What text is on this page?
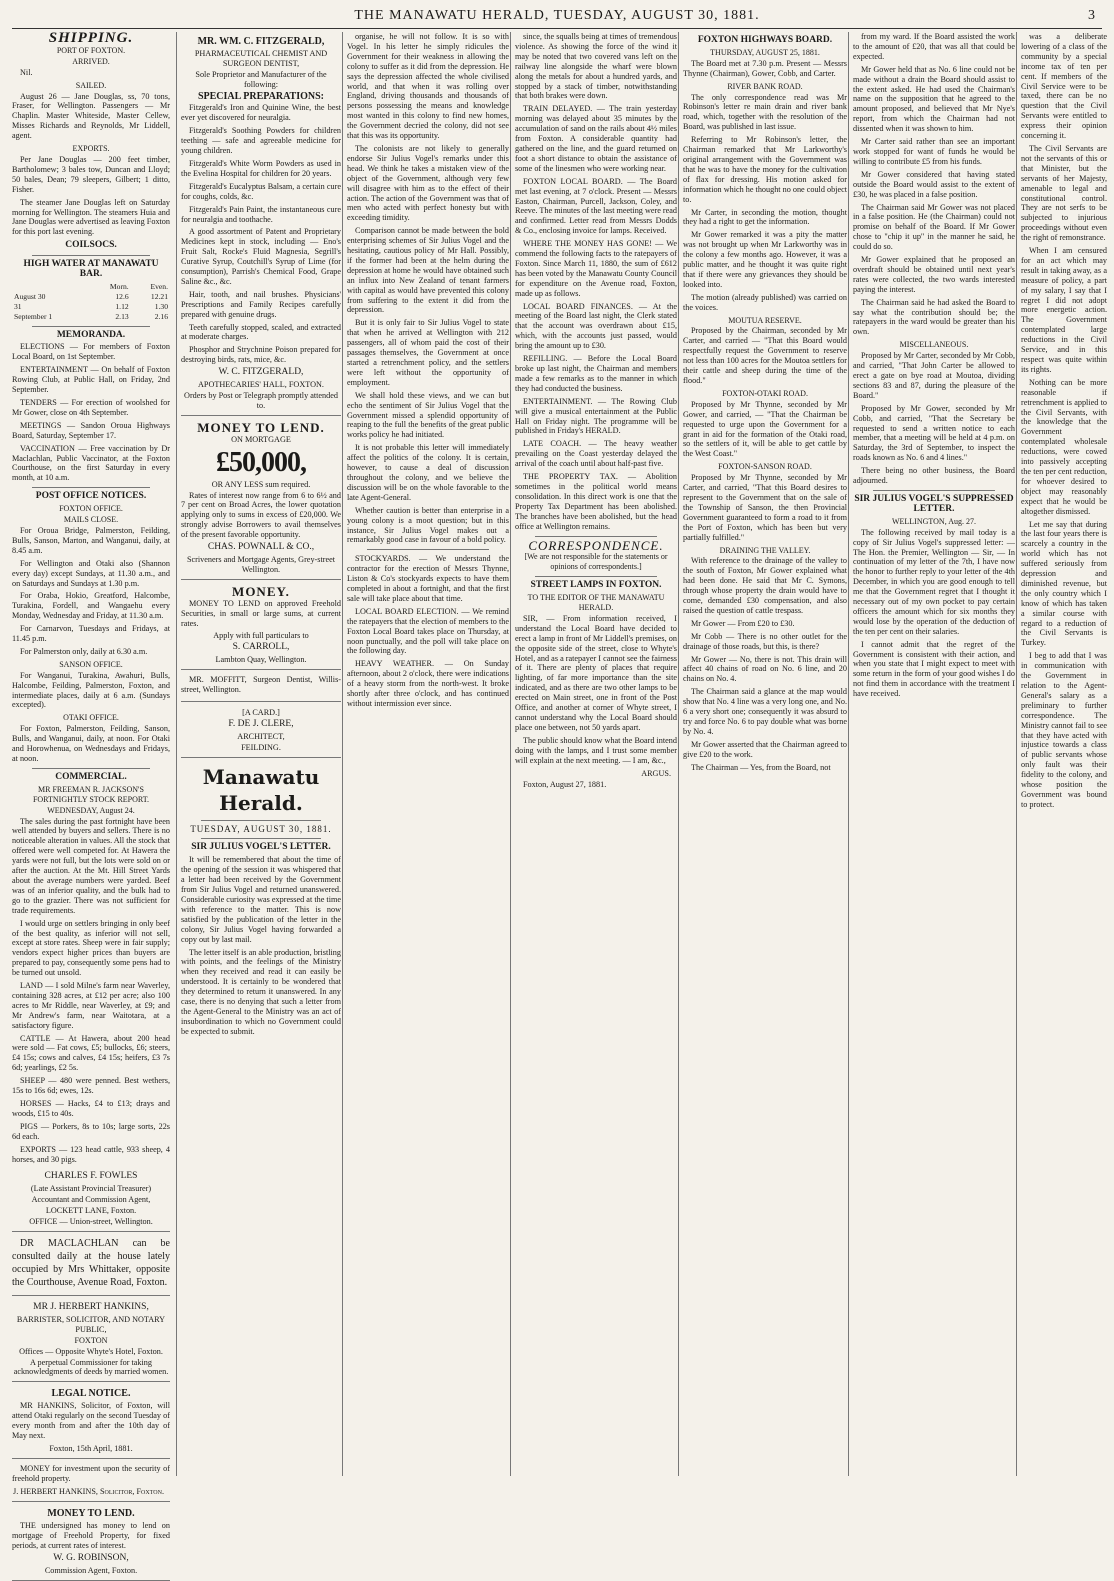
THE MANAWATU HERALD, TUESDAY, AUGUST 30, 1881.	3
SHIPPING.
PORT OF FOXTON.
ARRIVED.

Nil.

SAILED.

August 26 — Jane Douglas, ss, 70 tons, Fraser, for Wellington. Passengers — Mr Chaplin. Master Whiteside, Master Cellew, Misses Richards and Reynolds, Mr Liddell, agent.

EXPORTS.

Per Jane Douglas — 200 feet timber, Bartholomew; 3 bales tow, Duncan and Lloyd; 50 bales, Dean; 79 sleepers, Gilbert; 1 ditto, Fisher.

The steamer Jane Douglas left on Saturday morning for Wellington. The steamers Huia and Jane Douglas were advertised as leaving Foxton for this port last evening.

COILSOCS.
HIGH WATER AT MANAWATU BAR.
	Morn.	Even.
August 30	12.6	12.21
31	1.12	1.30
September 1	2.13	2.16
MEMORANDA.

ELECTIONS — For members of Foxton Local Board, on 1st September.

ENTERTAINMENT — On behalf of Foxton Rowing Club, at Public Hall, on Friday, 2nd September.

TENDERS — For erection of woolshed for Mr Gower, close on 4th September.

MEETINGS — Sandon Oroua Highways Board, Saturday, September 17.

VACCINATION — Free vaccination by Dr Maclachlan, Public Vaccinator, at the Foxton Courthouse, on the first Saturday in every month, at 10 a.m.

POST OFFICE NOTICES.
FOXTON OFFICE.
MAILS CLOSE.

For Oroua Bridge, Palmerston, Feilding, Bulls, Sanson, Marton, and Wanganui, daily, at 8.45 a.m.

For Wellington and Otaki also (Shannon every day) except Sundays, at 11.30 a.m., and on Saturdays and Sundays at 1.30 p.m.

For Oraba, Hokio, Greatford, Halcombe, Turakina, Fordell, and Wangaehu every Monday, Wednesday and Friday, at 11.30 a.m.

For Carnarvon, Tuesdays and Fridays, at 11.45 p.m.

For Palmerston only, daily at 6.30 a.m.

SANSON OFFICE.

For Wanganui, Turakina, Awahuri, Bulls, Halcombe, Feilding, Palmerston, Foxton, and intermediate places, daily at 6 a.m. (Sundays excepted).

OTAKI OFFICE.

For Foxton, Palmerston, Feilding, Sanson, Bulls, and Wanganui, daily, at noon. For Otaki and Horowhenua, on Wednesdays and Fridays, at noon.

COMMERCIAL.
MR FREEMAN R. JACKSON'S FORTNIGHTLY STOCK REPORT.
WEDNESDAY, August 24.

The sales during the past fortnight have been well attended by buyers and sellers. There is no noticeable alteration in values. All the stock that offered were well competed for. At Hawera the yards were not full, but the lots were sold on or after the auction. At the Mt. Hill Street Yards about the average numbers were yarded. Beef was of an inferior quality, and the bulk had to go to the grazier. There was not sufficient for trade requirements.

I would urge on settlers bringing in only beef of the best quality, as inferior will not sell, except at store rates. Sheep were in fair supply; vendors expect higher prices than buyers are prepared to pay, consequently some pens had to be turned out unsold.

LAND — I sold Milne's farm near Waverley, containing 328 acres, at £12 per acre; also 100 acres to Mr Riddle, near Waverley, at £9; and Mr Andrew's farm, near Waitotara, at a satisfactory figure.

CATTLE — At Hawera, about 200 head were sold — Fat cows, £5; bullocks, £6; steers, £4 15s; cows and calves, £4 15s; heifers, £3 7s 6d; yearlings, £2 5s.

SHEEP — 480 were penned. Best wethers, 15s to 16s 6d; ewes, 12s.

HORSES — Hacks, £4 to £13; drays and woods, £15 to 40s.

PIGS — Porkers, 8s to 10s; large sorts, 22s 6d each.

EXPORTS — 123 head cattle, 933 sheep, 4 horses, and 30 pigs.

CHARLES F. FOWLES
(Late Assistant Provincial Treasurer)
Accountant and Commission Agent,
LOCKETT LANE, Foxton.
OFFICE — Union-street, Wellington.

DR MACLACHLAN can be consulted daily at the house lately occupied by Mrs Whittaker, opposite the Courthouse, Avenue Road, Foxton.

MR J. HERBERT HANKINS,
BARRISTER, SOLICITOR, AND NOTARY PUBLIC,
FOXTON
Offices — Opposite Whyte's Hotel, Foxton.
A perpetual Commissioner for taking acknowledgments of deeds by married women.
LEGAL NOTICE.

MR HANKINS, Solicitor, of Foxton, will attend Otaki regularly on the second Tuesday of every month from and after the 10th day of May next.

Foxton, 15th April, 1881.

MONEY for investment upon the security of freehold property.

J. HERBERT HANKINS, Solicitor, Foxton.
MONEY TO LEND.

THE undersigned has money to lend on mortgage of Freehold Property, for fixed periods, at current rates of interest.

W. G. ROBINSON,
Commission Agent, Foxton.
MR. WM. C. FITZGERALD,
PHARMACEUTICAL CHEMIST AND SURGEON DENTIST,
Sole Proprietor and Manufacturer of the following:
SPECIAL PREPARATIONS:

Fitzgerald's Iron and Quinine Wine, the best ever yet discovered for neuralgia.

Fitzgerald's Soothing Powders for children teething — safe and agreeable medicine for young children.

Fitzgerald's White Worm Powders as used in the Evelina Hospital for children for 20 years.

Fitzgerald's Eucalyptus Balsam, a certain cure for coughs, colds, &c.

Fitzgerald's Pain Paint, the instantaneous cure for neuralgia and toothache.

A good assortment of Patent and Proprietary Medicines kept in stock, including — Eno's Fruit Salt, Rocke's Fluid Magnesia, Segrill's Curative Syrup, Coutchill's Syrup of Lime (for consumption), Parrish's Chemical Food, Grape Saline &c., &c.

Hair, tooth, and nail brushes. Physicians' Prescriptions and Family Recipes carefully prepared with genuine drugs.

Teeth carefully stopped, scaled, and extracted at moderate charges.

Phosphor and Strychnine Poison prepared for destroying birds, rats, mice, &c.

W. C. FITZGERALD,
APOTHECARIES' HALL, FOXTON.
Orders by Post or Telegraph promptly attended to.
MONEY TO LEND.
ON MORTGAGE
£50,000,
OR ANY LESS sum required.

Rates of interest now range from 6 to 6½ and 7 per cent on Broad Acres, the lower quotation applying only to sums in excess of £20,000. We strongly advise Borrowers to avail themselves of the present favorable opportunity.

CHAS. POWNALL & CO.,
Scriveners and Mortgage Agents, Grey-street Wellington.
MONEY.

MONEY TO LEND on approved Freehold Securities, in small or large sums, at current rates.

Apply with full particulars to
S. CARROLL,
Lambton Quay, Wellington.

MR. MOFFITT, Surgeon Dentist, Willis-street, Wellington.

[A CARD.]
F. DE J. CLERE,
ARCHITECT,
FEILDING.
Manawatu Herald.
TUESDAY, AUGUST 30, 1881.
SIR JULIUS VOGEL'S LETTER.

It will be remembered that about the time of the opening of the session it was whispered that a letter had been received by the Government from Sir Julius Vogel and returned unanswered. Considerable curiosity was expressed at the time with reference to the matter. This is now satisfied by the publication of the letter in the colony, Sir Julius Vogel having forwarded a copy out by last mail.

The letter itself is an able production, bristling with points, and the feelings of the Ministry when they received and read it can easily be understood. It is certainly to be wondered that they determined to return it unanswered. In any case, there is no denying that such a letter from the Agent-General to the Ministry was an act of insubordination to which no Government could be expected to submit.

organise, he will not follow. It is so with Vogel. In his letter he simply ridicules the Government for their weakness in allowing the colony to suffer as it did from the depression. He says the depression affected the whole civilised world, and that when it was rolling over England, driving thousands and thousands of persons possessing the means and knowledge most wanted in this colony to find new homes, the Government decried the colony, did not see that this was its opportunity.

The colonists are not likely to generally endorse Sir Julius Vogel's remarks under this head. We think he takes a mistaken view of the object of the Government, although very few will disagree with him as to the effect of their action. The action of the Government was that of men who acted with perfect honesty but with exceeding timidity.

Comparison cannot be made between the bold enterprising schemes of Sir Julius Vogel and the hesitating, cautious policy of Mr Hall. Possibly, if the former had been at the helm during the depression at home he would have obtained such an influx into New Zealand of tenant farmers with capital as would have prevented this colony from suffering to the extent it did from the depression.

But it is only fair to Sir Julius Vogel to state that when he arrived at Wellington with 212 passengers, all of whom paid the cost of their passages themselves, the Government at once started a retrenchment policy, and the settlers were left without the opportunity of employment.

We shall hold these views, and we can but echo the sentiment of Sir Julius Vogel that the Government missed a splendid opportunity of reaping to the full the benefits of the great public works policy he had initiated.

It is not probable this letter will immediately affect the politics of the colony. It is certain, however, to cause a deal of discussion throughout the colony, and we believe the discussion will be on the whole favorable to the late Agent-General.

Whether caution is better than enterprise in a young colony is a moot question; but in this instance, Sir Julius Vogel makes out a remarkably good case in favour of a bold policy.

STOCKYARDS. — We understand the contractor for the erection of Messrs Thynne, Liston & Co's stockyards expects to have them completed in about a fortnight, and that the first sale will take place about that time.

LOCAL BOARD ELECTION. — We remind the ratepayers that the election of members to the Foxton Local Board takes place on Thursday, at noon punctually, and the poll will take place on the following day.

HEAVY WEATHER. — On Sunday afternoon, about 2 o'clock, there were indications of a heavy storm from the north-west. It broke shortly after three o'clock, and has continued without intermission ever since.

since, the squalls being at times of tremendous violence. As showing the force of the wind it may be noted that two covered vans left on the railway line alongside the wharf were blown along the metals for about a hundred yards, and stopped by a stack of timber, notwithstanding that both brakes were down.

TRAIN DELAYED. — The train yesterday morning was delayed about 35 minutes by the accumulation of sand on the rails about 4½ miles from Foxton. A considerable quantity had gathered on the line, and the guard returned on foot a short distance to obtain the assistance of some of the linesmen who were working near.

FOXTON LOCAL BOARD. — The Board met last evening, at 7 o'clock. Present — Messrs Easton, Chairman, Purcell, Jackson, Coley, and Reeve. The minutes of the last meeting were read and confirmed. Letter read from Messrs Dodds & Co., enclosing invoice for lamps. Received.

WHERE THE MONEY HAS GONE! — We commend the following facts to the ratepayers of Foxton. Since March 11, 1880, the sum of £612 has been voted by the Manawatu County Council for expenditure on the Avenue road, Foxton, made up as follows.

LOCAL BOARD FINANCES. — At the meeting of the Board last night, the Clerk stated that the account was overdrawn about £15, which, with the accounts just passed, would bring the amount up to £30.

REFILLING. — Before the Local Board broke up last night, the Chairman and members made a few remarks as to the manner in which they had conducted the business.

ENTERTAINMENT. — The Rowing Club will give a musical entertainment at the Public Hall on Friday night. The programme will be published in Friday's HERALD.

LATE COACH. — The heavy weather prevailing on the Coast yesterday delayed the arrival of the coach until about half-past five.

THE PROPERTY TAX. — Abolition sometimes in the political world means consolidation. In this direct work is one that the Property Tax Department has been abolished. The branches have been abolished, but the head office at Wellington remains.

CORRESPONDENCE.
[We are not responsible for the statements or opinions of correspondents.]
STREET LAMPS IN FOXTON.
TO THE EDITOR OF THE MANAWATU HERALD.

SIR, — From information received, I understand the Local Board have decided to erect a lamp in front of Mr Liddell's premises, on the opposite side of the street, close to Whyte's Hotel, and as a ratepayer I cannot see the fairness of it. There are plenty of places that require lighting, of far more importance than the site indicated, and as there are two other lamps to be erected on Main street, one in front of the Post Office, and another at corner of Whyte street, I cannot understand why the Local Board should place one between, not 50 yards apart.

The public should know what the Board intend doing with the lamps, and I trust some member will explain at the next meeting. — I am, &c.,

ARGUS.

Foxton, August 27, 1881.

FOXTON HIGHWAYS BOARD.
THURSDAY, AUGUST 25, 1881.

The Board met at 7.30 p.m. Present — Messrs Thynne (Chairman), Gower, Cobb, and Carter.

RIVER BANK ROAD.

The only correspondence read was Mr Robinson's letter re main drain and river bank road, which, together with the resolution of the Board, was published in last issue.

Referring to Mr Robinson's letter, the Chairman remarked that Mr Larkworthy's original arrangement with the Government was that he was to have the money for the cultivation of flax for dressing. His motion asked for information which he thought no one could object to.

Mr Carter, in seconding the motion, thought they had a right to get the information.

Mr Gower remarked it was a pity the matter was not brought up when Mr Larkworthy was in the colony a few months ago. However, it was a public matter, and he thought it was quite right that if there were any grievances they should be looked into.

The motion (already published) was carried on the voices.

MOUTUA RESERVE.

Proposed by the Chairman, seconded by Mr Carter, and carried — "That this Board would respectfully request the Government to reserve not less than 100 acres for the Moutoa settlers for their cattle and sheep during the time of the flood."

FOXTON-OTAKI ROAD.

Proposed by Mr Thynne, seconded by Mr Gower, and carried, — "That the Chairman be requested to urge upon the Government for a grant in aid for the formation of the Otaki road, so the settlers of it, will be able to get cattle by the West Coast."

FOXTON-SANSON ROAD.

Proposed by Mr Thynne, seconded by Mr Carter, and carried, "That this Board desires to represent to the Government that on the sale of the Township of Sanson, the then Provincial Government guaranteed to form a road to it from the Port of Foxton, which has been but very partially fulfilled."

DRAINING THE VALLEY.

With reference to the drainage of the valley to the south of Foxton, Mr Gower explained what had been done. He said that Mr C. Symons, through whose property the drain would have to come, demanded £30 compensation, and also raised the question of cattle trespass.

Mr Gower — From £20 to £30.

Mr Cobb — There is no other outlet for the drainage of those roads, but this, is there?

Mr Gower — No, there is not. This drain will affect 40 chains of road on No. 6 line, and 20 chains on No. 4.

The Chairman said a glance at the map would show that No. 4 line was a very long one, and No. 6 a very short one; consequently it was absurd to try and force No. 6 to pay double what was borne by No. 4.

Mr Gower asserted that the Chairman agreed to give £20 to the work.

The Chairman — Yes, from the Board, not

from my ward. If the Board assisted the work to the amount of £20, that was all that could be expected.

Mr Gower held that as No. 6 line could not be made without a drain the Board should assist to the extent asked. He had used the Chairman's name on the supposition that he agreed to the amount proposed, and believed that Mr Nye's report, from which the Chairman had not dissented when it was shown to him.

Mr Carter said rather than see an important work stopped for want of funds he would be willing to contribute £5 from his funds.

Mr Gower considered that having stated outside the Board would assist to the extent of £30, he was placed in a false position.

The Chairman said Mr Gower was not placed in a false position. He (the Chairman) could not promise on behalf of the Board. If Mr Gower chose to "chip it up" in the manner he said, he could do so.

Mr Gower explained that he proposed an overdraft should be obtained until next year's rates were collected, the two wards interested paying the interest.

The Chairman said he had asked the Board to say what the contribution should be; the ratepayers in the ward would be greater than his own.

MISCELLANEOUS.

Proposed by Mr Carter, seconded by Mr Cobb, and carried, "That John Carter be allowed to erect a gate on bye road at Moutoa, dividing sections 83 and 87, during the pleasure of the Board."

Proposed by Mr Gower, seconded by Mr Cobb, and carried, "That the Secretary be requested to send a written notice to each member, that a meeting will be held at 4 p.m. on Saturday, the 3rd of September, to inspect the roads known as No. 6 and 4 lines."

There being no other business, the Board adjourned.

SIR JULIUS VOGEL'S SUPPRESSED LETTER.
WELLINGTON, Aug. 27.

The following received by mail today is a copy of Sir Julius Vogel's suppressed letter: — The Hon. the Premier, Wellington — Sir, — In continuation of my letter of the 7th, I have now the honor to further reply to your letter of the 4th December, in which you are good enough to tell me that the Government regret that I thought it necessary out of my own pocket to pay certain officers the amount which for six months they would lose by the operation of the deduction of the ten per cent on their salaries.

I cannot admit that the regret of the Government is consistent with their action, and when you state that I might expect to meet with some return in the form of your good wishes I do not find them in accordance with the treatment I have received.

was a deliberate lowering of a class of the community by a special income tax of ten per cent. If members of the Civil Service were to be taxed, there can be no question that the Civil Servants were entitled to express their opinion concerning it.

The Civil Servants are not the servants of this or that Minister, but the servants of her Majesty, amenable to legal and constitutional control. They are not serfs to be subjected to injurious proceedings without even the right of remonstrance.

When I am censured for an act which may result in taking away, as a measure of policy, a part of my salary, I say that I regret I did not adopt more energetic action. The Government contemplated large reductions in the Civil Service, and in this respect was quite within its rights.

Nothing can be more reasonable if retrenchment is applied to the Civil Servants, with the knowledge that the Government contemplated wholesale reductions, were cowed into passively accepting the ten per cent reduction, for whoever desired to object may reasonably expect that he would be altogether dismissed.

Let me say that during the last four years there is scarcely a country in the world which has not suffered seriously from depression and diminished revenue, but the only country which I know of which has taken a similar course with regard to a reduction of the Civil Servants is Turkey.

I beg to add that I was in communication with the Government in relation to the Agent-General's salary as a preliminary to further correspondence. The Ministry cannot fail to see that they have acted with injustice towards a class of public servants whose only fault was their fidelity to the colony, and whose position the Government was bound to protect.
